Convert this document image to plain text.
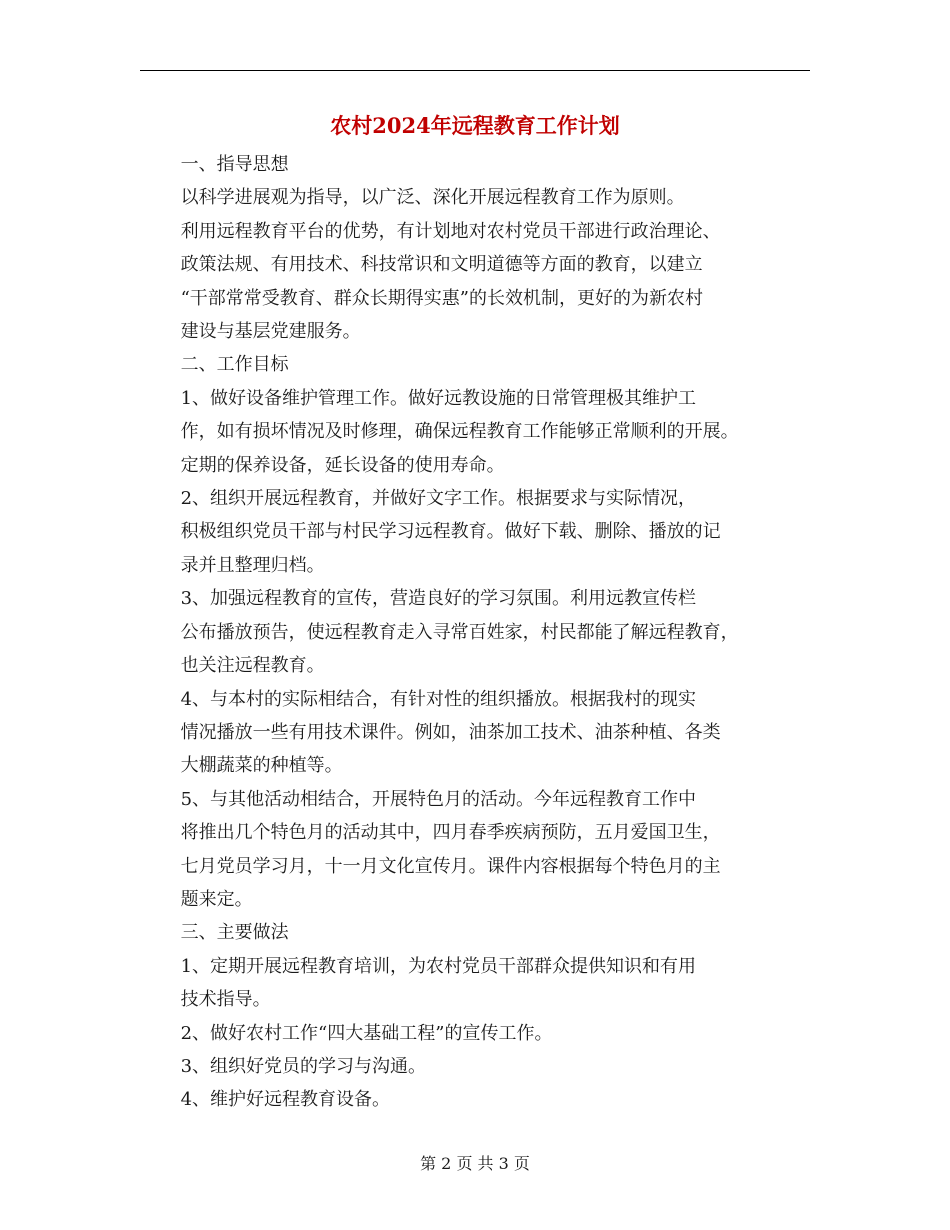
农村2024年远程教育工作计划

一、指导思想

以科学进展观为指导，以广泛、深化开展远程教育工作为原则。
利用远程教育平台的优势，有计划地对农村党员干部进行政治理论、
政策法规、有用技术、科技常识和文明道德等方面的教育，以建立
“干部常常受教育、群众长期得实惠”的长效机制，更好的为新农村
建设与基层党建服务。

二、工作目标

1、做好设备维护管理工作。做好远教设施的日常管理极其维护工
作，如有损坏情况及时修理，确保远程教育工作能够正常顺利的开展。
定期的保养设备，延长设备的使用寿命。

2、组织开展远程教育，并做好文字工作。根据要求与实际情况，
积极组织党员干部与村民学习远程教育。做好下载、删除、播放的记
录并且整理归档。

3、加强远程教育的宣传，营造良好的学习氛围。利用远教宣传栏
公布播放预告，使远程教育走入寻常百姓家，村民都能了解远程教育，
也关注远程教育。

4、与本村的实际相结合，有针对性的组织播放。根据我村的现实
情况播放一些有用技术课件。例如，油茶加工技术、油茶种植、各类
大棚蔬菜的种植等。

5、与其他活动相结合，开展特色月的活动。今年远程教育工作中
将推出几个特色月的活动其中，四月春季疾病预防，五月爱国卫生，
七月党员学习月，十一月文化宣传月。课件内容根据每个特色月的主
题来定。

三、主要做法

1、定期开展远程教育培训，为农村党员干部群众提供知识和有用
技术指导。

2、做好农村工作“四大基础工程”的宣传工作。

3、组织好党员的学习与沟通。

4、维护好远程教育设备。

第 2 页 共 3 页
